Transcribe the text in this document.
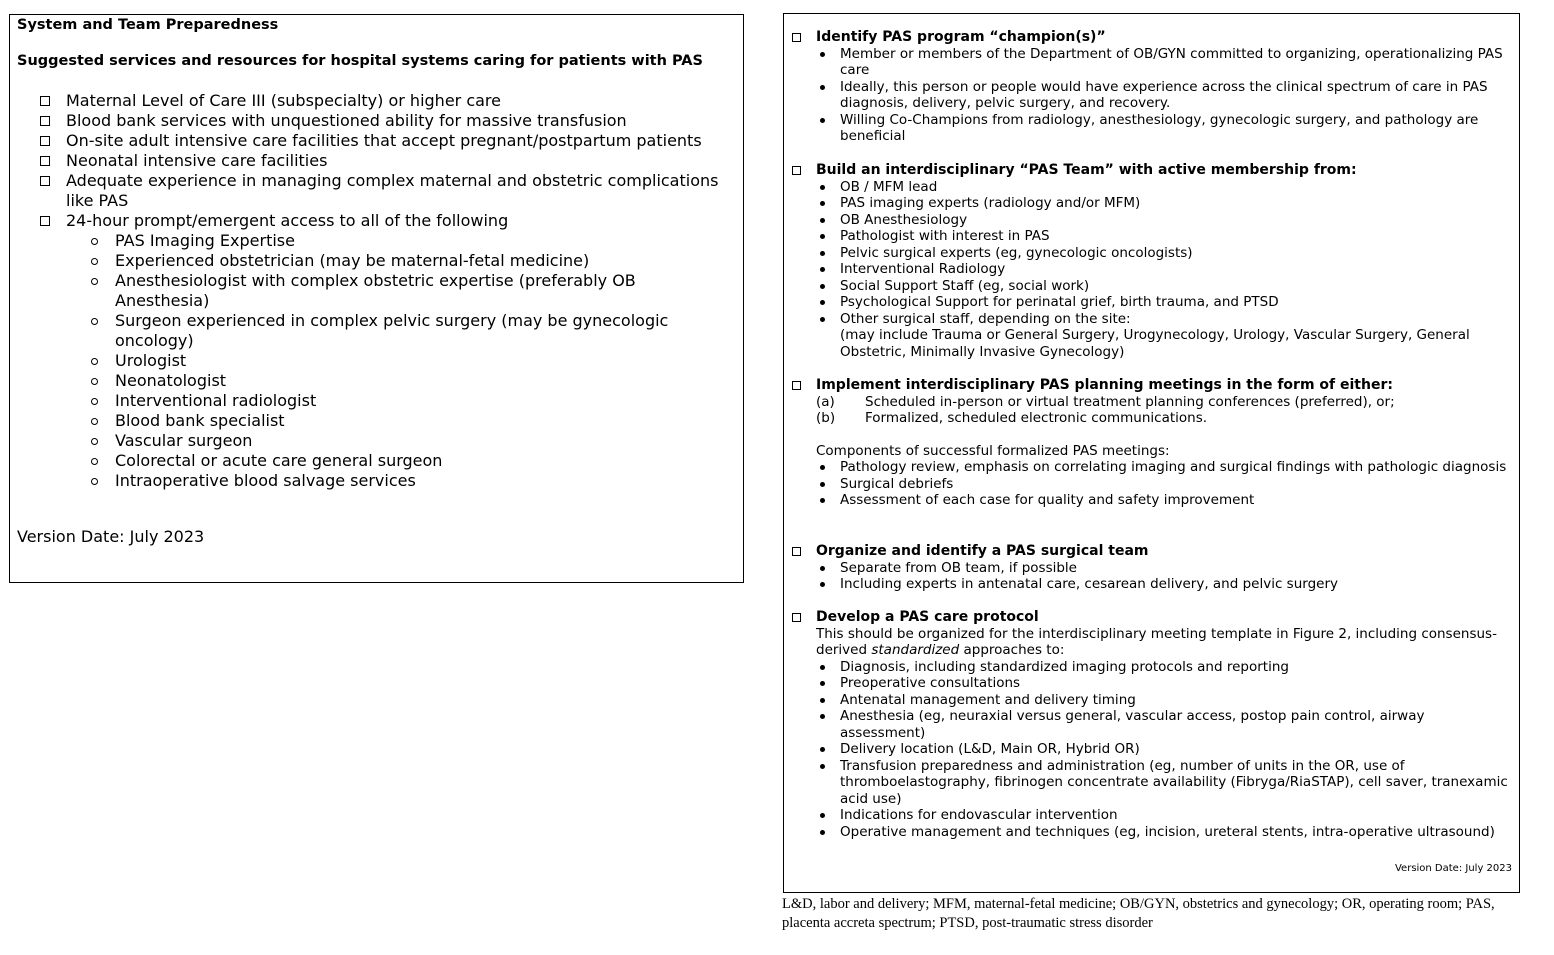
System and Team Preparedness
Suggested services and resources for hospital systems caring for patients with PAS
Maternal Level of Care III (subspecialty) or higher care
Blood bank services with unquestioned ability for massive transfusion
On-site adult intensive care facilities that accept pregnant/postpartum patients
Neonatal intensive care facilities
Adequate experience in managing complex maternal and obstetric complications like PAS
24-hour prompt/emergent access to all of the following
PAS Imaging Expertise
Experienced obstetrician (may be maternal-fetal medicine)
Anesthesiologist with complex obstetric expertise (preferably OB Anesthesia)
Surgeon experienced in complex pelvic surgery (may be gynecologic oncology)
Urologist
Neonatologist
Interventional radiologist
Blood bank specialist
Vascular surgeon
Colorectal or acute care general surgeon
Intraoperative blood salvage services
Version Date: July 2023
Identify PAS program “champion(s)”
Member or members of the Department of OB/GYN committed to organizing, operationalizing PAS care
Ideally, this person or people would have experience across the clinical spectrum of care in PAS diagnosis, delivery, pelvic surgery, and recovery.
Willing Co-Champions from radiology, anesthesiology, gynecologic surgery, and pathology are beneficial
Build an interdisciplinary “PAS Team” with active membership from:
OB / MFM lead
PAS imaging experts (radiology and/or MFM)
OB Anesthesiology
Pathologist with interest in PAS
Pelvic surgical experts (eg, gynecologic oncologists)
Interventional Radiology
Social Support Staff (eg, social work)
Psychological Support for perinatal grief, birth trauma, and PTSD
Other surgical staff, depending on the site:
(may include Trauma or General Surgery, Urogynecology, Urology, Vascular Surgery, General Obstetric, Minimally Invasive Gynecology)
Implement interdisciplinary PAS planning meetings in the form of either:
(a) Scheduled in-person or virtual treatment planning conferences (preferred), or;
(b) Formalized, scheduled electronic communications.
Components of successful formalized PAS meetings:
Pathology review, emphasis on correlating imaging and surgical findings with pathologic diagnosis
Surgical debriefs
Assessment of each case for quality and safety improvement
Organize and identify a PAS surgical team
Separate from OB team, if possible
Including experts in antenatal care, cesarean delivery, and pelvic surgery
Develop a PAS care protocol
This should be organized for the interdisciplinary meeting template in Figure 2, including consensus-derived standardized approaches to:
Diagnosis, including standardized imaging protocols and reporting
Preoperative consultations
Antenatal management and delivery timing
Anesthesia (eg, neuraxial versus general, vascular access, postop pain control, airway assessment)
Delivery location (L&D, Main OR, Hybrid OR)
Transfusion preparedness and administration (eg, number of units in the OR, use of thromboelastography, fibrinogen concentrate availability (Fibryga/RiaSTAP), cell saver, tranexamic acid use)
Indications for endovascular intervention
Operative management and techniques (eg, incision, ureteral stents, intra-operative ultrasound)
Version Date: July 2023
L&D, labor and delivery; MFM, maternal-fetal medicine; OB/GYN, obstetrics and gynecology; OR, operating room; PAS, placenta accreta spectrum; PTSD, post-traumatic stress disorder
